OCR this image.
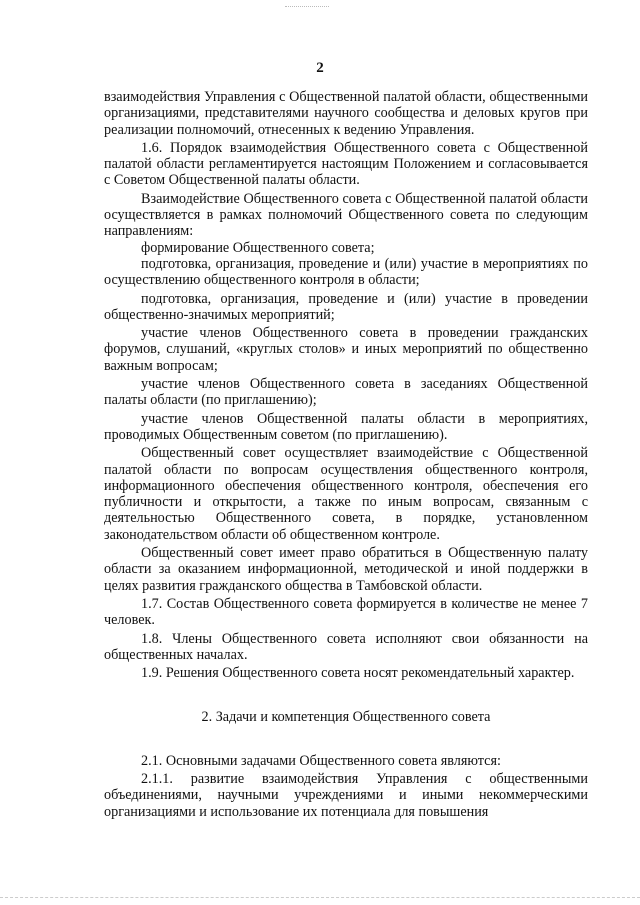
2

взаимодействия Управления с Общественной палатой области, общественными организациями, представителями научного сообщества и деловых кругов при реализации полномочий, отнесенных к ведению Управления.

1.6. Порядок взаимодействия Общественного совета с Общественной палатой области регламентируется настоящим Положением и согласовывается с Советом Общественной палаты области.

Взаимодействие Общественного совета с Общественной палатой области осуществляется в рамках полномочий Общественного совета по следующим направлениям:

формирование Общественного совета;

подготовка, организация, проведение и (или) участие в мероприятиях по осуществлению общественного контроля в области;

подготовка, организация, проведение и (или) участие в проведении общественно-значимых мероприятий;

участие членов Общественного совета в проведении гражданских форумов, слушаний, «круглых столов» и иных мероприятий по общественно важным вопросам;

участие членов Общественного совета в заседаниях Общественной палаты области (по приглашению);

участие членов Общественной палаты области в мероприятиях, проводимых Общественным советом (по приглашению).

Общественный совет осуществляет взаимодействие с Общественной палатой области по вопросам осуществления общественного контроля, информационного обеспечения общественного контроля, обеспечения его публичности и открытости, а также по иным вопросам, связанным с деятельностью Общественного совета, в порядке, установленном законодательством области об общественном контроле.

Общественный совет имеет право обратиться в Общественную палату области за оказанием информационной, методической и иной поддержки в целях развития гражданского общества в Тамбовской области.

1.7. Состав Общественного совета формируется в количестве не менее 7 человек.

1.8. Члены Общественного совета исполняют свои обязанности на общественных началах.

1.9. Решения Общественного совета носят рекомендательный характер.

2. Задачи и компетенция Общественного совета

2.1. Основными задачами Общественного совета являются:

2.1.1. развитие взаимодействия Управления с общественными объединениями, научными учреждениями и иными некоммерческими организациями и использование их потенциала для повышения
